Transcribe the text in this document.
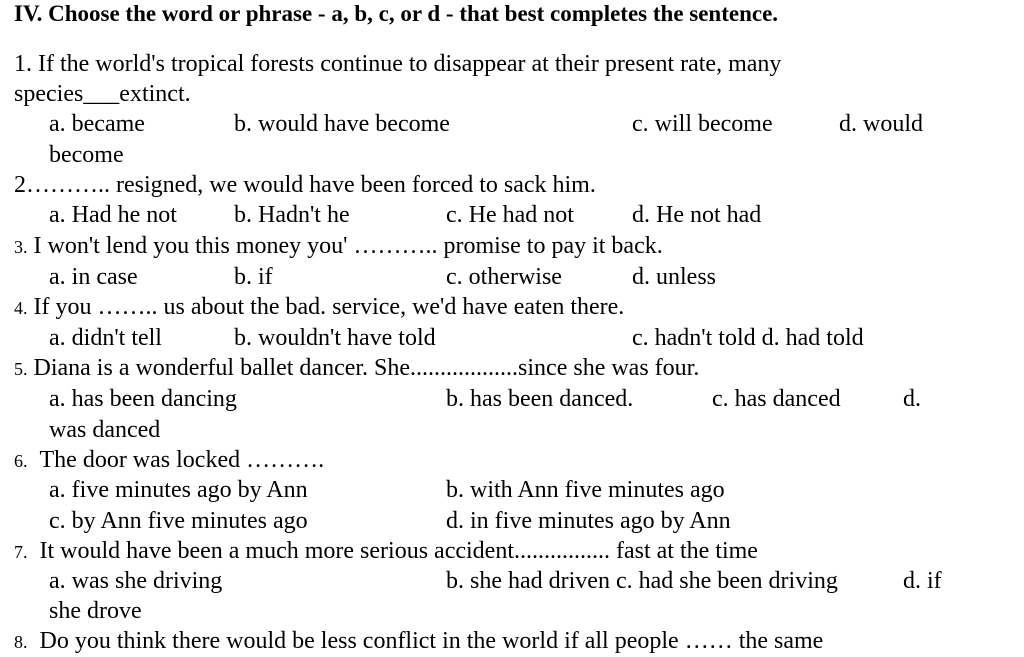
IV. Choose the word or phrase - a, b, c, or d - that best completes the sentence.
1. If the world's tropical forests continue to disappear at their present rate, many
species___extinct.
a. became	b. would have become	c. will become	d. would
become
2……….. resigned, we would have been forced to sack him.
a. Had he not b. Hadn't he	c. He had not d. He not had
3. I won't lend you this money you' ……….. promise to pay it back.
a. in case	b. if	c. otherwise	d. unless
4. If you …….. us about the bad. service, we'd have eaten there.
a. didn't tell	b. wouldn't have told	c. hadn't told d. had told
5. Diana is a wonderful ballet dancer. She..................since she was four.
a. has been dancing	b. has been danced.	c. has danced	d.
was danced
6. The door was locked ……….
a. five minutes ago by Ann	b. with Ann five minutes ago
c. by Ann five minutes ago	d. in five minutes ago by Ann
7. It would have been a much more serious accident................ fast at the time
a. was she driving	b. she had driven c. had she been driving	d. if
she drove
8. Do you think there would be less conflict in the world if all people …… the same
